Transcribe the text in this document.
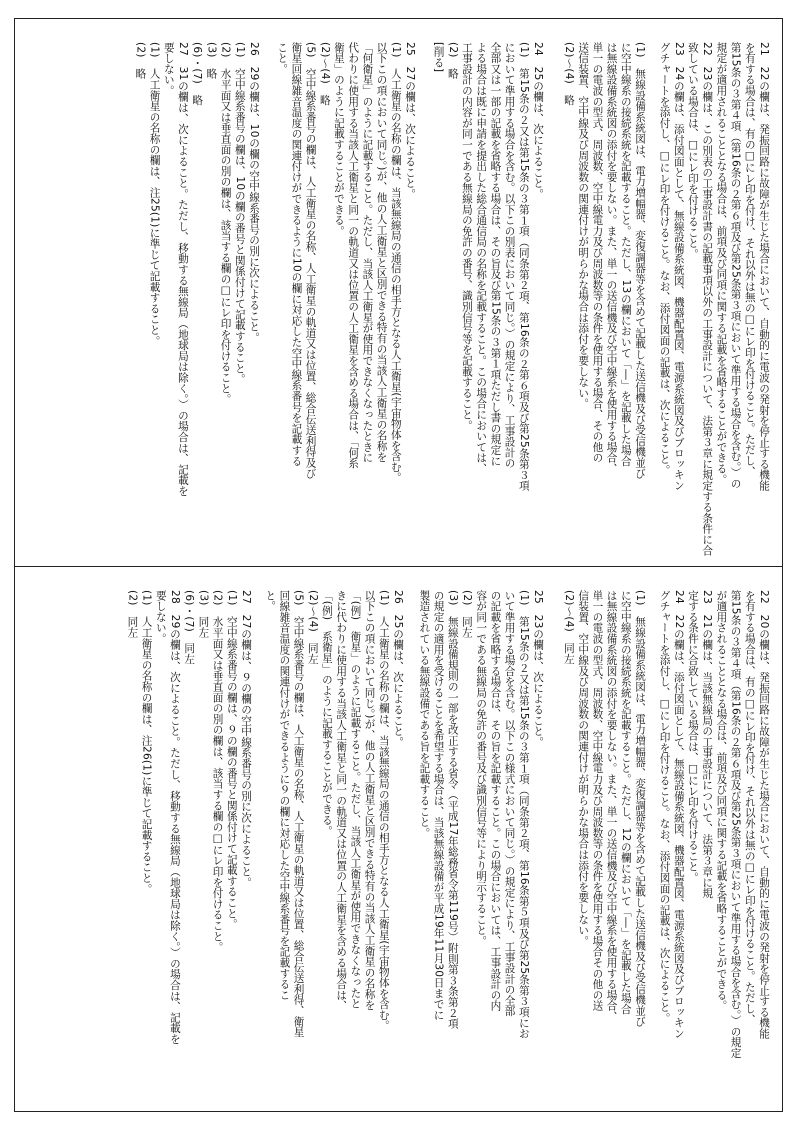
21　22の欄は、発振回路に故障が生じた場合において、自動的に電波の発射を停止する機能
を有する場合は、有の□にレ印を付け、それ以外は無の□にレ印を付けること。ただし、
第15条の３第４項（第16条の２第６項及び第25条第３項において準用する場合を含む。）の
規定が適用されることとなる場合は、前項及び同項に関する記載を省略することができる。
22　23の欄は、この別表の工事設計書の記載事項以外の工事設計について、法第３章に規定する条件に合
致している場合は、□にレ印を付けること。
23　24の欄は、添付図面として、無線設備系統図、機器配置図、電源系統図及びブロッキン
グチャートを添付し、□にレ印を付けること。なお、添付図面の記載は、次によること。
(1)　無線設備系統図は、電力増幅器、変復調器等を含めて記載した送信機及び受信機並び
に空中線系の接続系統を記載すること。ただし、13の欄において「―」を記載した場合
は無線設備系統図の添付を要しない。また、単一の送信機及び空中線系を使用する場合、
単一の電波の型式、周波数、空中線電力及び周波数等の条件を使用する場合、その他の
送信装置、空中線及び周波数の関連付けが明らかな場合は添付を要しない。
(2)～(4)　略
24　25の欄は、次によること。
(1)　第15条の２又は第15条の３第１項（同条第２項、第16条の２第６項及び第25条第３項
において準用する場合を含む。以下この別表において同じ。）の規定により、工事設計の
全部又は一部の記載を省略する場合は、その旨及び第15条の３第１項ただし書の規定に
よる場合は既に申請を提出した総合通信局の名称を記載すること。この場合においては、
工事設計の内容が同一である無線局の免許の番号、識別信号等を記載すること。
(2)　略
[削る]
25　27の欄は、次によること。
(1)　人工衛星の名称の欄は、当該無線局の通信の相手方となる人工衛星(宇宙物体を含む。
以下この項において同じ。)が、他の人工衛星と区別できる特有の当該人工衛星の名称を
「何衛星」のように記載すること。ただし、当該人工衛星が使用できなくなったときに
代わりに使用する当該人工衛星と同一の軌道又は位置の人工衛星を含める場合は、「何系
衛星」のように記載することができる。
(2)～(4)　略
(5)　空中線系番号の欄は、人工衛星の名称、人工衛星の軌道又は位置、総合伝送利得及び
衛星回線雑音温度の関連付けができるように10の欄に対応した空中線系番号を記載する
こと。
26　29の欄は、10の欄の空中線系番号の別に次によること。
(1)　空中線系番号の欄は、10の欄の番号と関係付けて記載すること。
(2)　水平面又は垂直面の別の欄は、該当する欄の□にレ印を付けること。
(3)　略
(6)・(7)　略
27　31の欄は、次によること。ただし、移動する無線局（地球局は除く。）の場合は、記載を
要しない。
(1)　人工衛星の名称の欄は、注25(1)に準じて記載すること。
(2)　略
22　20の欄は、発振回路に故障が生じた場合において、自動的に電波の発射を停止する機能
を有する場合は、有の□にレ印を付け、それ以外は無の□にレ印を付けること。ただし、
第15条の３第４項（第16条の２第６項及び第25条第３項において準用する場合を含む。）の規定
が適用されることとなる場合は、前項及び同項に関する記載を省略することができる。
23　21の欄は、当該無線局の工事設計について、法第３章に規
定する条件に合致している場合は、□にレ印を付けること。
24　22の欄は、添付図面として、無線設備系統図、機器配置図、電源系統図及びブロッキン
グチャートを添付し、□にレ印を付けること。なお、添付図面の記載は、次によること。
(1)　無線設備系統図は、電力増幅器、変復調器等を含めて記載した送信機及び受信機並び
に空中線系の接続系統を記載すること。ただし、12の欄において「―」を記載した場合
は無線設備系統図の添付を要しない。また、単一の送信機及び空中線系を使用する場合、
単一の電波の型式、周波数、空中線電力及び周波数等の条件を使用する場合その他の送
信装置、空中線及び周波数の関連付けが明らかな場合は添付を要しない。
(2)～(4)　同左
25　23の欄は、次によること。
(1)　第15条の２又は第15条の３第１項（同条第２項、第16条第５項及び第25条第３項にお
いて準用する場合を含む。以下この様式において同じ。）の規定により、工事設計の全部
の記載を省略する場合は、その旨を記載すること。この場合においては、工事設計の内
容が同一である無線局の免許の番号及び識別信号等により明示すること。
(2)　同左
(3)　無線設備規則の一部を改正する省令（平成17年総務省令第119号）附則第３条第２項
の規定の適用を受けることを希望する場合は、当該無線設備が平成19年11月30日までに
製造されている無線設備である旨を記載すること。
26　25の欄は、次によること。
(1)　人工衛星の名称の欄は、当該無線局の通信の相手方となる人工衛星(宇宙物体を含む。
以下この項において同じ。)が、他の人工衛星と区別できる特有の当該人工衛星の名称を
「(例)　衛星」のように記載すること。ただし、当該人工衛星が使用できなくなったと
きに代わりに使用する当該人工衛星と同一の軌道又は位置の人工衛星を含める場合は、
「(例)　系衛星」のように記載することができる。
(2)～(4)　同左
(5)　空中線系番号の欄は、人工衛星の名称、人工衛星の軌道又は位置、総合伝送利得、衛星
回線雑音温度の関連付けができるように９の欄に対応した空中線系番号を記載するこ
と。
27　27の欄は、９の欄の空中線系番号の別に次によること。
(1)　空中線系番号の欄は、９の欄の番号と関係付けて記載すること。
(2)　水平面又は垂直面の別の欄は、該当する欄の□にレ印を付けること。
(3)　同左
(6)・(7)　同左
28　29の欄は、次によること。ただし、移動する無線局（地球局は除く。）の場合は、記載を
要しない。
(1)　人工衛星の名称の欄は、注26(1)に準じて記載すること。
(2)　同左
